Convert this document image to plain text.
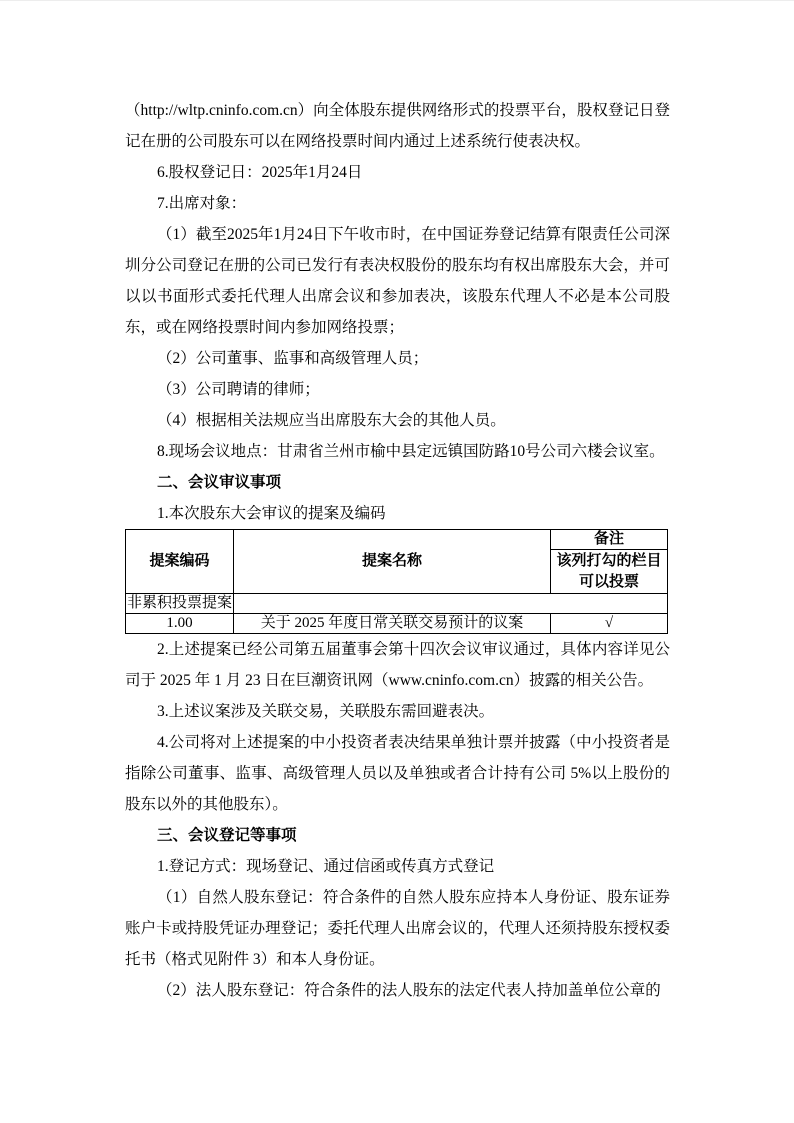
（http://wltp.cninfo.com.cn）向全体股东提供网络形式的投票平台，股权登记日登记在册的公司股东可以在网络投票时间内通过上述系统行使表决权。

6.股权登记日：2025年1月24日

7.出席对象：

（1）截至2025年1月24日下午收市时，在中国证券登记结算有限责任公司深圳分公司登记在册的公司已发行有表决权股份的股东均有权出席股东大会，并可以以书面形式委托代理人出席会议和参加表决，该股东代理人不必是本公司股东，或在网络投票时间内参加网络投票；

（2）公司董事、监事和高级管理人员；

（3）公司聘请的律师；

（4）根据相关法规应当出席股东大会的其他人员。

8.现场会议地点：甘肃省兰州市榆中县定远镇国防路10号公司六楼会议室。

二、会议审议事项

1.本次股东大会审议的提案及编码

提案编码	提案名称	备注
		该列打勾的栏目可以投票
非累积投票提案		
1.00	关于 2025 年度日常关联交易预计的议案	√

2.上述提案已经公司第五届董事会第十四次会议审议通过，具体内容详见公司于 2025 年 1 月 23 日在巨潮资讯网（www.cninfo.com.cn）披露的相关公告。

3.上述议案涉及关联交易，关联股东需回避表决。

4.公司将对上述提案的中小投资者表决结果单独计票并披露（中小投资者是指除公司董事、监事、高级管理人员以及单独或者合计持有公司 5%以上股份的股东以外的其他股东）。

三、会议登记等事项

1.登记方式：现场登记、通过信函或传真方式登记

（1）自然人股东登记：符合条件的自然人股东应持本人身份证、股东证券账户卡或持股凭证办理登记；委托代理人出席会议的，代理人还须持股东授权委托书（格式见附件 3）和本人身份证。

（2）法人股东登记：符合条件的法人股东的法定代表人持加盖单位公章的
